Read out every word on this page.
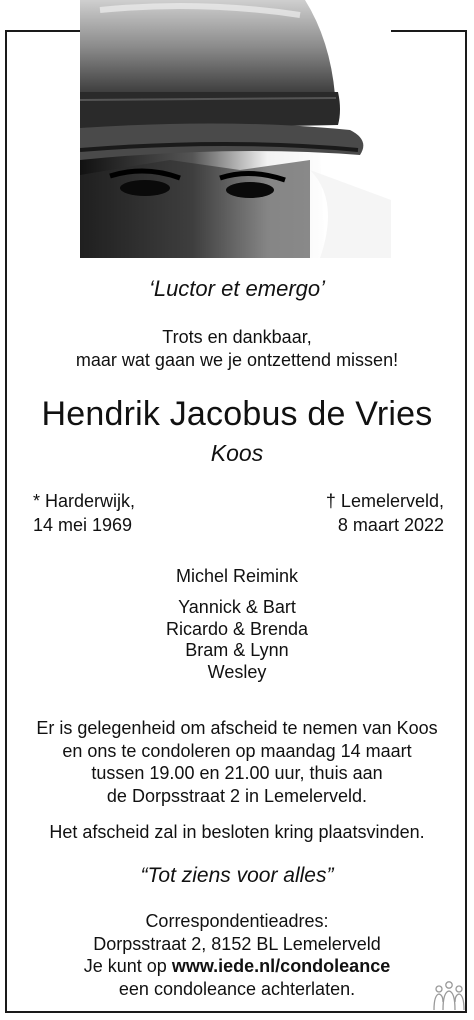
‘Luctor et emergo’
Trots en dankbaar,
maar wat gaan we je ontzettend missen!
Hendrik Jacobus de Vries
Koos
* Harderwijk,
14 mei 1969
† Lemelerveld,
8 maart 2022
Michel Reimink
Yannick & Bart
Ricardo & Brenda
Bram & Lynn
Wesley
Er is gelegenheid om afscheid te nemen van Koos
en ons te condoleren op maandag 14 maart
tussen 19.00 en 21.00 uur, thuis aan
de Dorpsstraat 2 in Lemelerveld.
Het afscheid zal in besloten kring plaatsvinden.
“Tot ziens voor alles”
Correspondentieadres:
Dorpsstraat 2, 8152 BL Lemelerveld
Je kunt op www.iede.nl/condoleance
een condoleance achterlaten.
